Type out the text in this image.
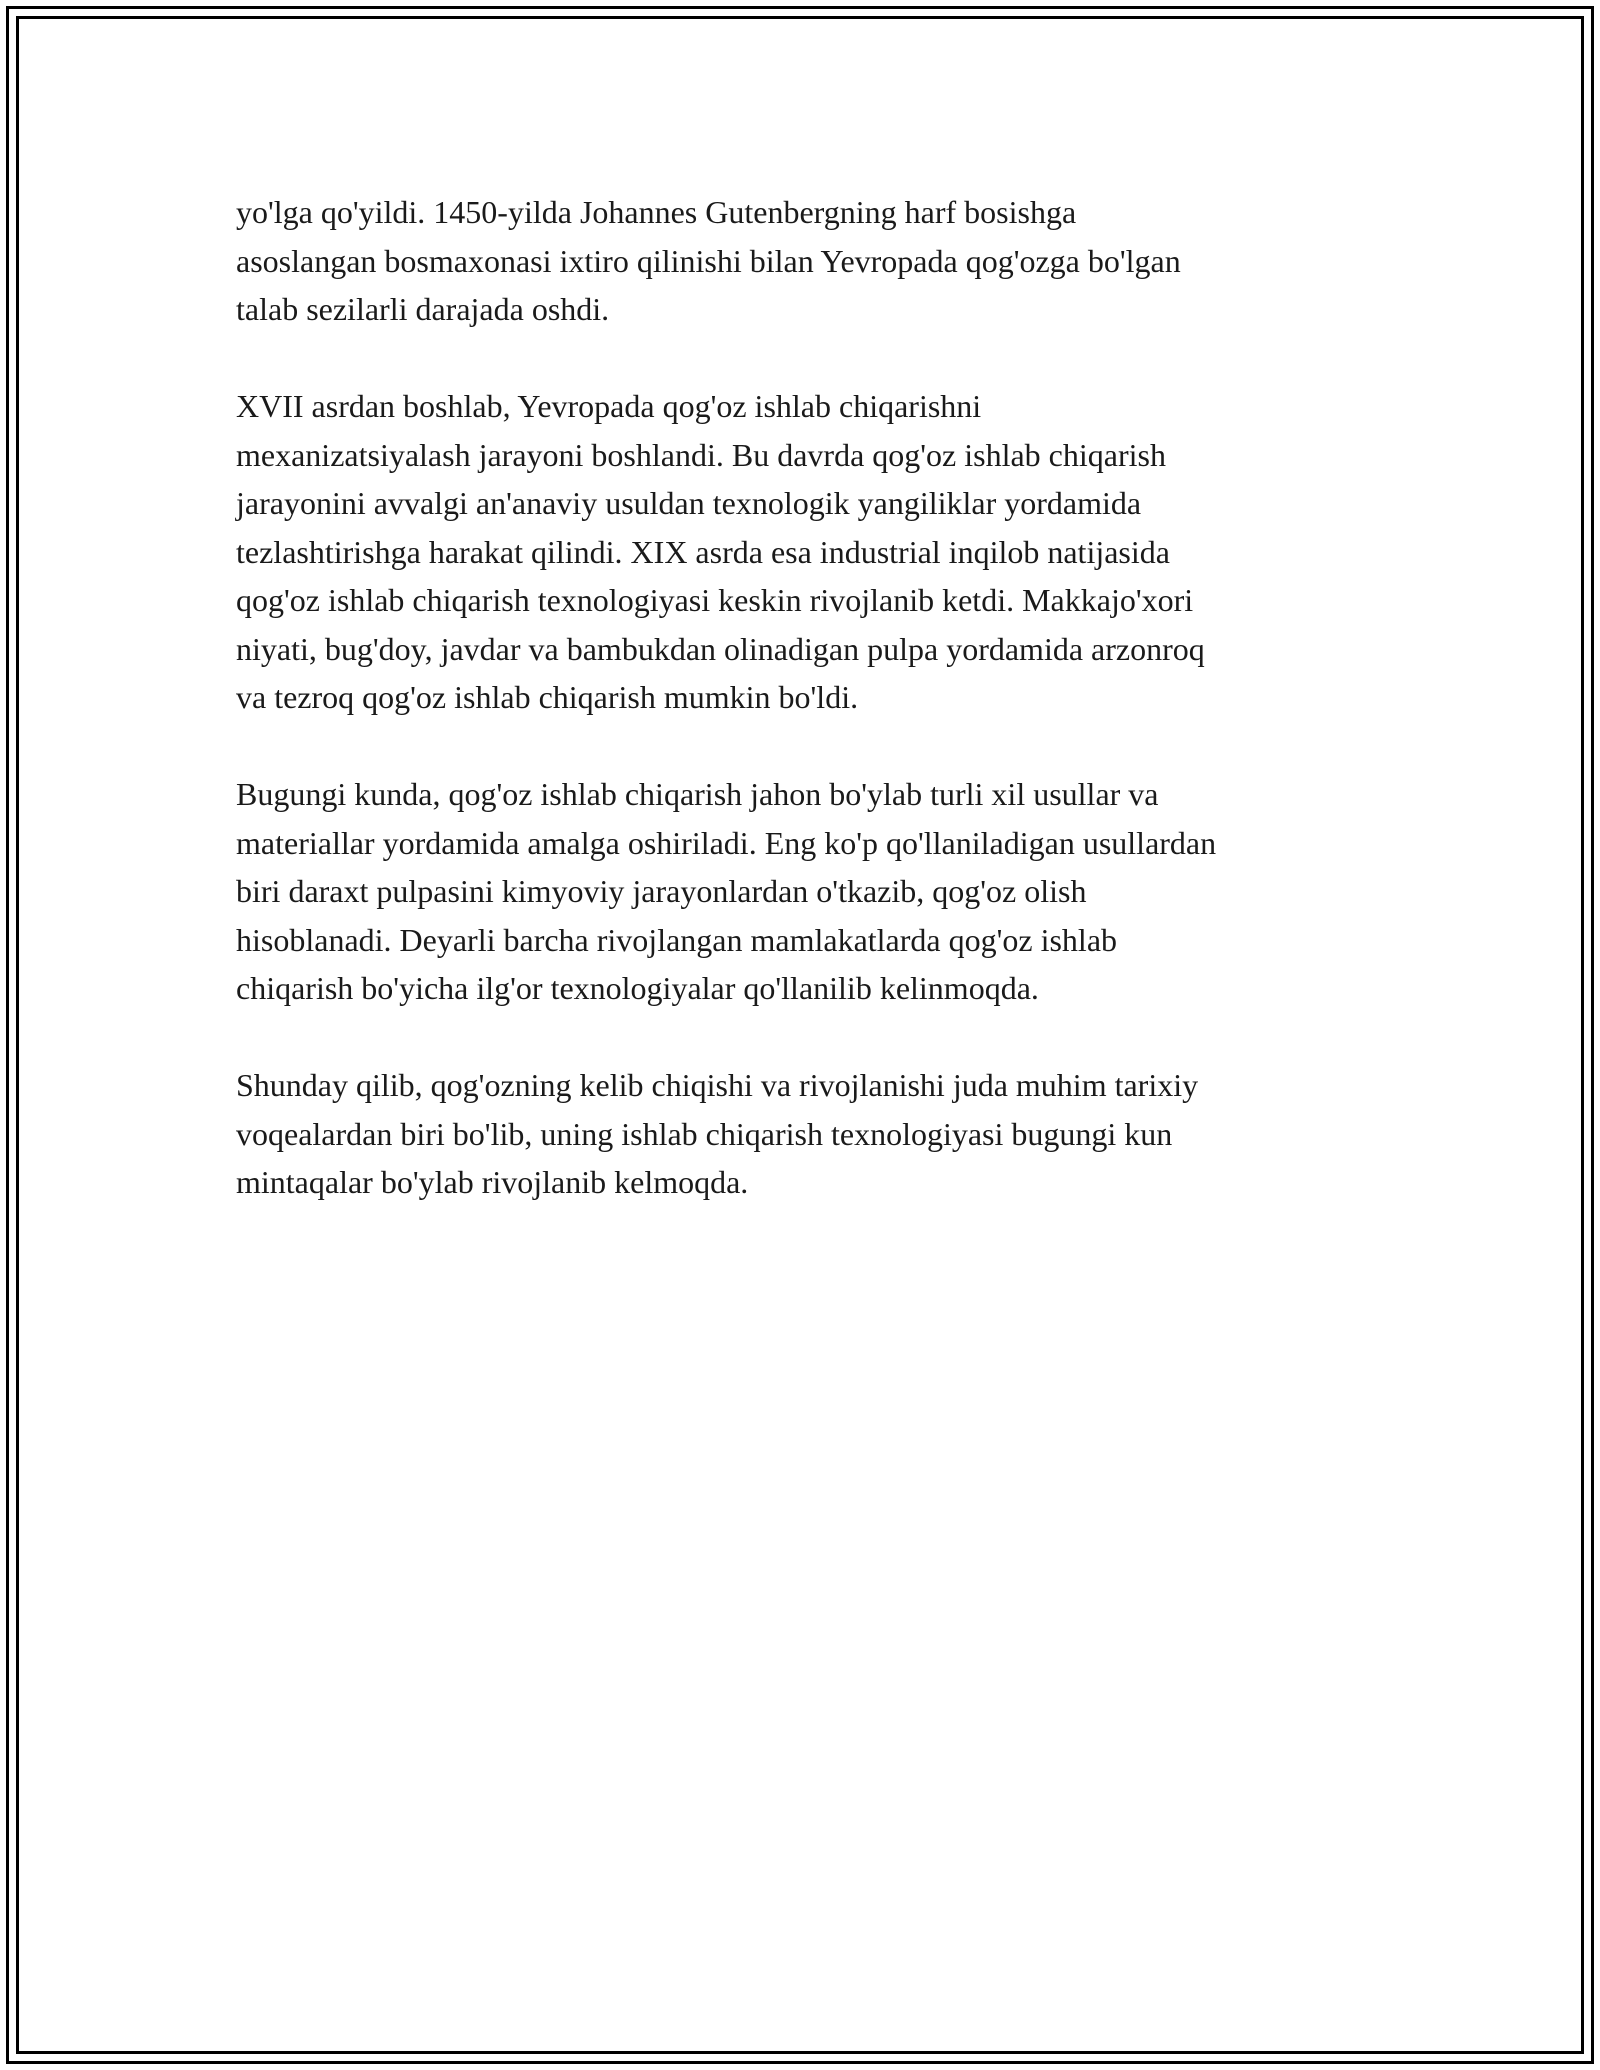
yo'lga qo'yildi. 1450-yilda Johannes Gutenbergning harf bosishga
asoslangan bosmaxonasi ixtiro qilinishi bilan Yevropada qog'ozga bo'lgan
talab sezilarli darajada oshdi.

XVII asrdan boshlab, Yevropada qog'oz ishlab chiqarishni
mexanizatsiyalash jarayoni boshlandi. Bu davrda qog'oz ishlab chiqarish
jarayonini avvalgi an'anaviy usuldan texnologik yangiliklar yordamida
tezlashtirishga harakat qilindi. XIX asrda esa industrial inqilob natijasida
qog'oz ishlab chiqarish texnologiyasi keskin rivojlanib ketdi. Makkajo'xori
niyati, bug'doy, javdar va bambukdan olinadigan pulpa yordamida arzonroq
va tezroq qog'oz ishlab chiqarish mumkin bo'ldi.

Bugungi kunda, qog'oz ishlab chiqarish jahon bo'ylab turli xil usullar va
materiallar yordamida amalga oshiriladi. Eng ko'p qo'llaniladigan usullardan
biri daraxt pulpasini kimyoviy jarayonlardan o'tkazib, qog'oz olish
hisoblanadi. Deyarli barcha rivojlangan mamlakatlarda qog'oz ishlab
chiqarish bo'yicha ilg'or texnologiyalar qo'llanilib kelinmoqda.

Shunday qilib, qog'ozning kelib chiqishi va rivojlanishi juda muhim tarixiy
voqealardan biri bo'lib, uning ishlab chiqarish texnologiyasi bugungi kun
mintaqalar bo'ylab rivojlanib kelmoqda.
